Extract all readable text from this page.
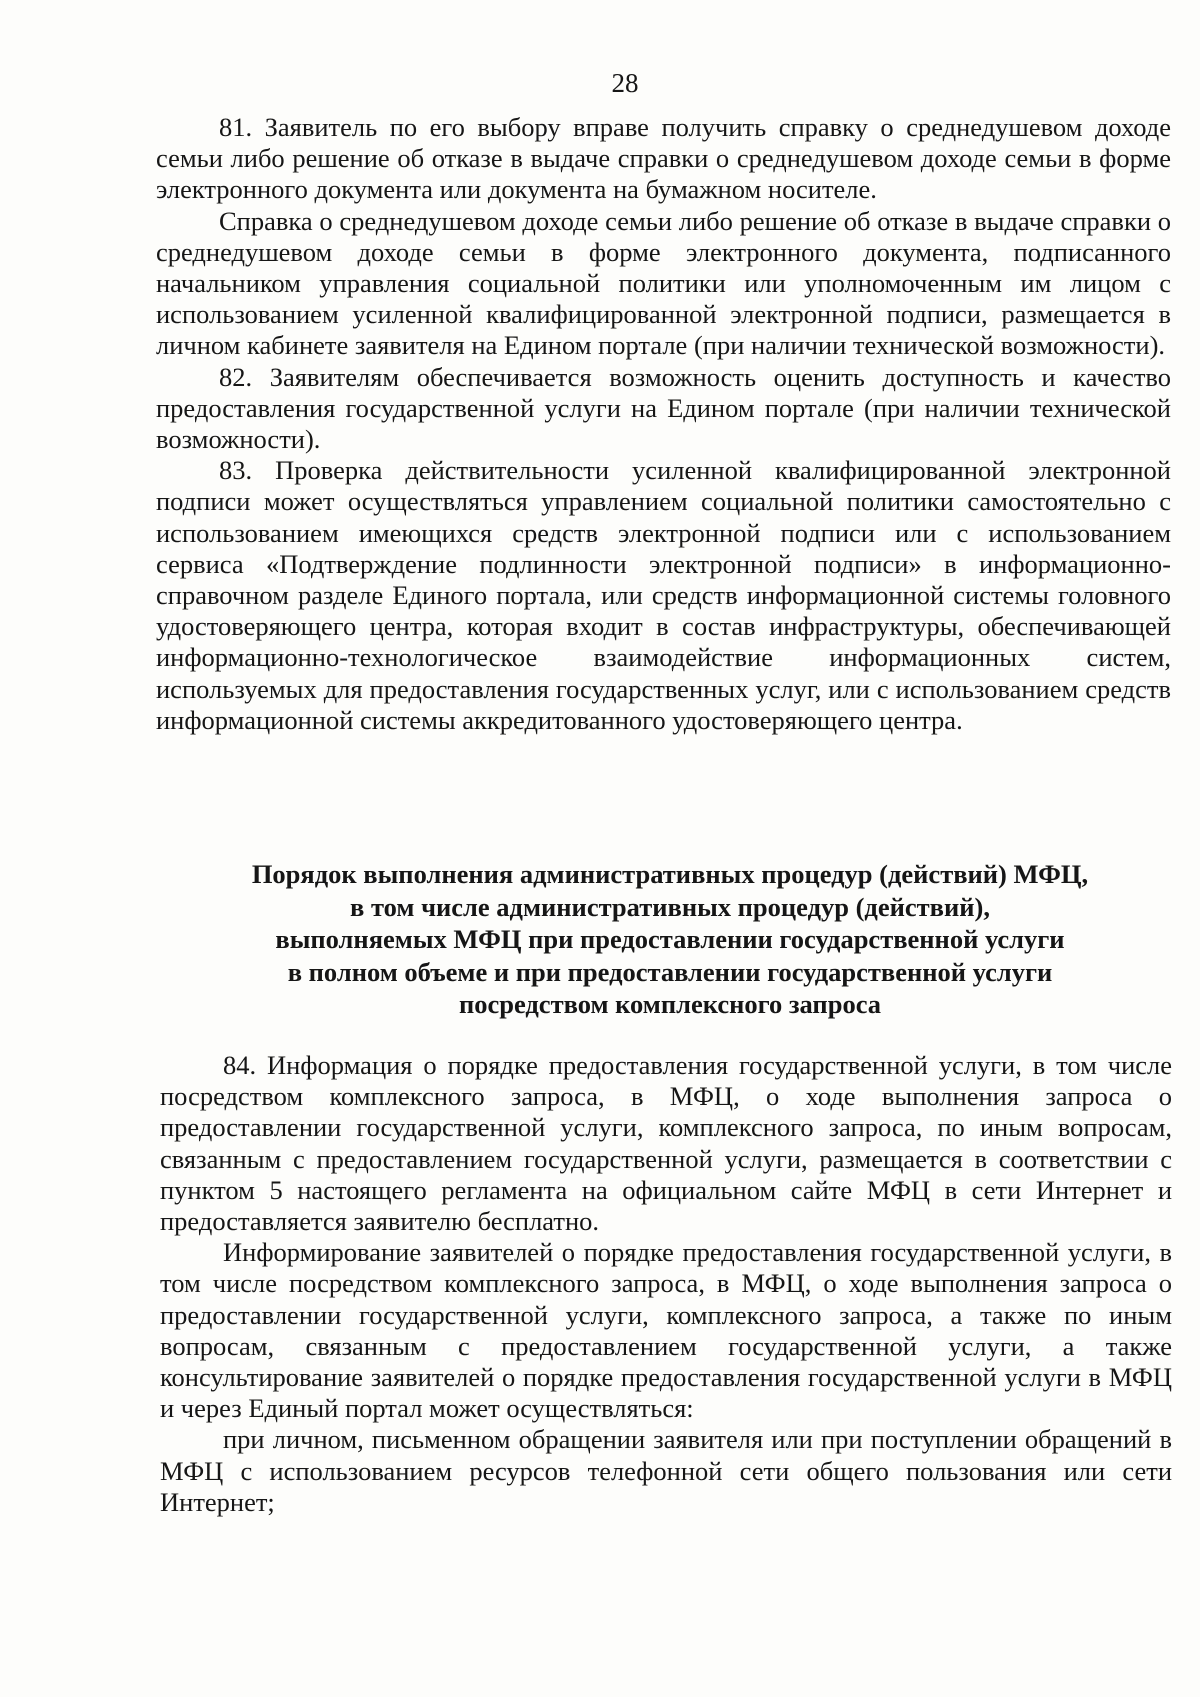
28

81. Заявитель по его выбору вправе получить справку о среднедушевом доходе семьи либо решение об отказе в выдаче справки о среднедушевом доходе семьи в форме электронного документа или документа на бумажном носителе.

Справка о среднедушевом доходе семьи либо решение об отказе в выдаче справки о среднедушевом доходе семьи в форме электронного документа, подписанного начальником управления социальной политики или уполномоченным им лицом с использованием усиленной квалифицированной электронной подписи, размещается в личном кабинете заявителя на Едином портале (при наличии технической возможности).

82. Заявителям обеспечивается возможность оценить доступность и качество предоставления государственной услуги на Едином портале (при наличии технической возможности).

83. Проверка действительности усиленной квалифицированной электронной подписи может осуществляться управлением социальной политики самостоятельно с использованием имеющихся средств электронной подписи или с использованием сервиса «Подтверждение подлинности электронной подписи» в информационно-справочном разделе Единого портала, или средств информационной системы головного удостоверяющего центра, которая входит в состав инфраструктуры, обеспечивающей информационно-технологическое взаимодействие информационных систем, используемых для предоставления государственных услуг, или с использованием средств информационной системы аккредитованного удостоверяющего центра.

Порядок выполнения административных процедур (действий) МФЦ,
в том числе административных процедур (действий),
выполняемых МФЦ при предоставлении государственной услуги
в полном объеме и при предоставлении государственной услуги
посредством комплексного запроса

84. Информация о порядке предоставления государственной услуги, в том числе посредством комплексного запроса, в МФЦ, о ходе выполнения запроса о предоставлении государственной услуги, комплексного запроса, по иным вопросам, связанным с предоставлением государственной услуги, размещается в соответствии с пунктом 5 настоящего регламента на официальном сайте МФЦ в сети Интернет и предоставляется заявителю бесплатно.

Информирование заявителей о порядке предоставления государственной услуги, в том числе посредством комплексного запроса, в МФЦ, о ходе выполнения запроса о предоставлении государственной услуги, комплексного запроса, а также по иным вопросам, связанным с предоставлением государственной услуги, а также консультирование заявителей о порядке предоставления государственной услуги в МФЦ и через Единый портал может осуществляться:

при личном, письменном обращении заявителя или при поступлении обращений в МФЦ с использованием ресурсов телефонной сети общего пользования или сети Интернет;
